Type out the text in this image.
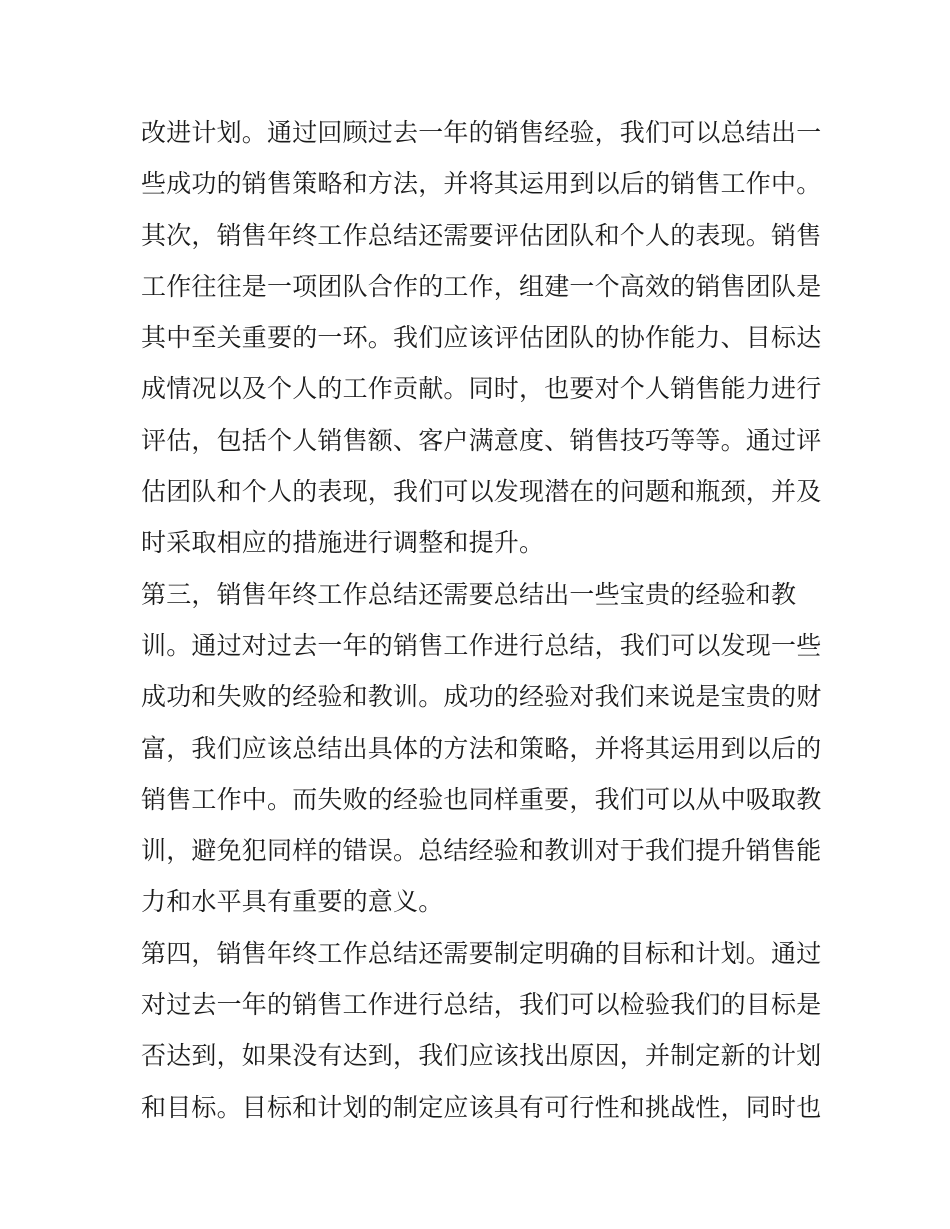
改进计划。通过回顾过去一年的销售经验，我们可以总结出一
些成功的销售策略和方法，并将其运用到以后的销售工作中。
其次，销售年终工作总结还需要评估团队和个人的表现。销售
工作往往是一项团队合作的工作，组建一个高效的销售团队是
其中至关重要的一环。我们应该评估团队的协作能力、目标达
成情况以及个人的工作贡献。同时，也要对个人销售能力进行
评估，包括个人销售额、客户满意度、销售技巧等等。通过评
估团队和个人的表现，我们可以发现潜在的问题和瓶颈，并及
时采取相应的措施进行调整和提升。
第三，销售年终工作总结还需要总结出一些宝贵的经验和教
训。通过对过去一年的销售工作进行总结，我们可以发现一些
成功和失败的经验和教训。成功的经验对我们来说是宝贵的财
富，我们应该总结出具体的方法和策略，并将其运用到以后的
销售工作中。而失败的经验也同样重要，我们可以从中吸取教
训，避免犯同样的错误。总结经验和教训对于我们提升销售能
力和水平具有重要的意义。
第四，销售年终工作总结还需要制定明确的目标和计划。通过
对过去一年的销售工作进行总结，我们可以检验我们的目标是
否达到，如果没有达到，我们应该找出原因，并制定新的计划
和目标。目标和计划的制定应该具有可行性和挑战性，同时也
